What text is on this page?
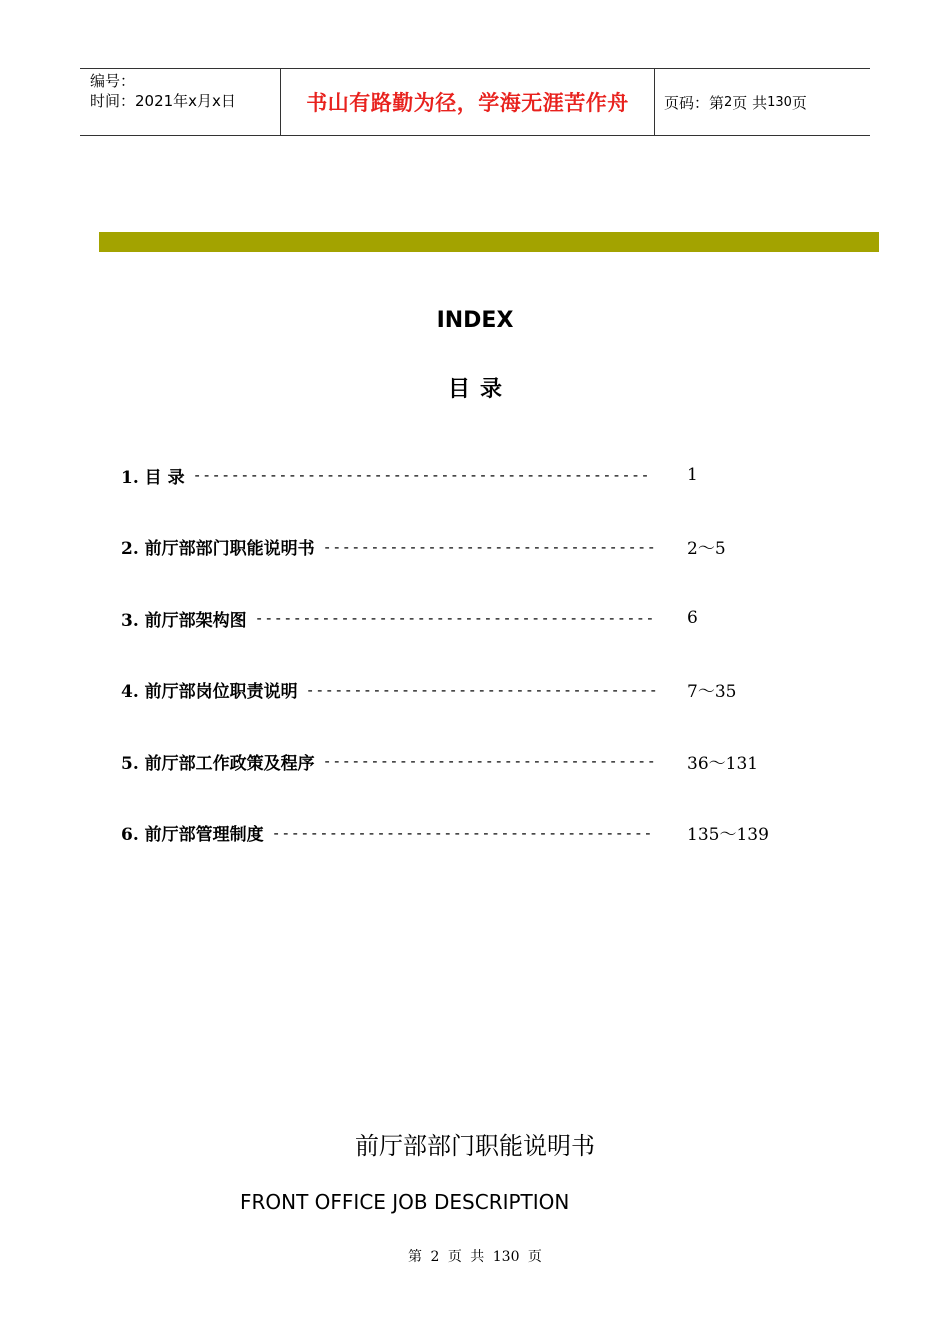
编号：
时间：2021年x月x日	书山有路勤为径，学海无涯苦作舟	页码：第 2 页 共 130 页
INDEX
目录
1. 目 录 ------------------------------------------------ 1
2. 前厅部部门职能说明书 ----------------------------------- 2～5
3. 前厅部架构图 ------------------------------------------ 6
4. 前厅部岗位职责说明 ------------------------------------- 7～35
5. 前厅部工作政策及程序 ----------------------------------- 36～131
6. 前厅部管理制度 ---------------------------------------- 135～139
前厅部部门职能说明书
FRONT OFFICE JOB DESCRIPTION
第 2 页 共 130 页
